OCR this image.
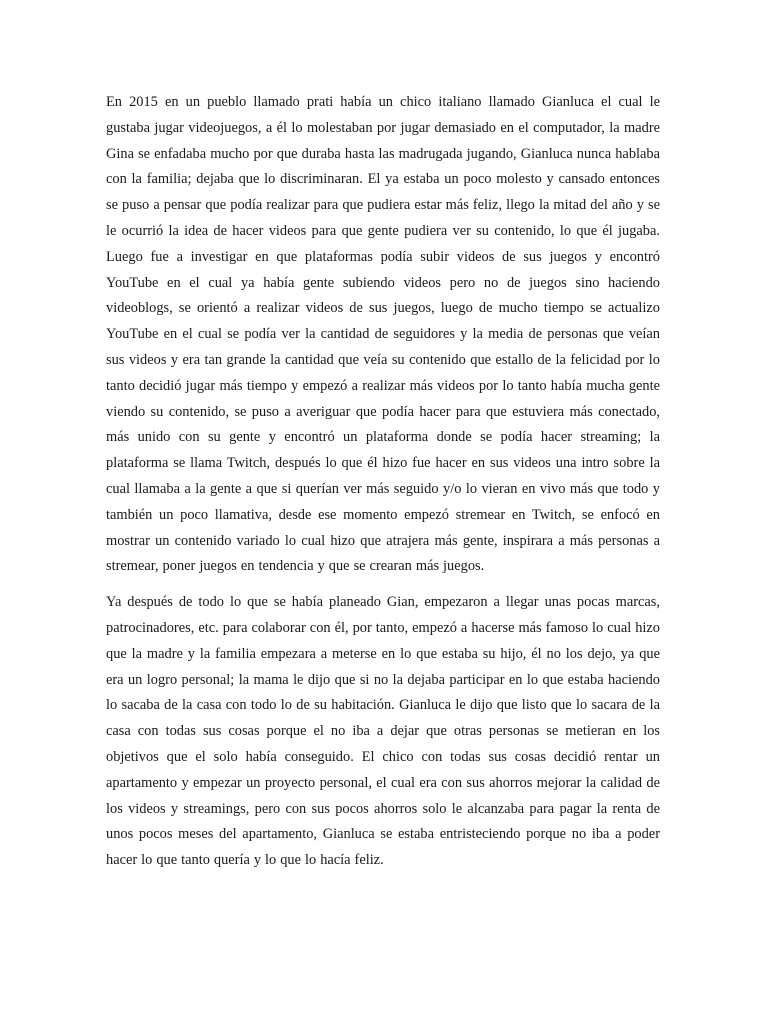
En 2015 en un pueblo llamado prati había un chico italiano llamado Gianluca el cual le gustaba jugar videojuegos, a él lo molestaban por jugar demasiado en el computador, la madre Gina se enfadaba mucho por que duraba hasta las madrugada jugando, Gianluca nunca hablaba con la familia; dejaba que lo discriminaran. El ya estaba un poco molesto y cansado entonces se puso a pensar que podía realizar para que pudiera estar más feliz, llego la mitad del año y se le ocurrió la idea de hacer videos para que gente pudiera ver su contenido, lo que él jugaba. Luego fue a investigar en que plataformas podía subir videos de sus juegos y encontró YouTube en el cual ya había gente subiendo videos pero no de juegos sino haciendo videoblogs, se orientó a realizar videos de sus juegos, luego de mucho tiempo se actualizo YouTube en el cual se podía ver la cantidad de seguidores y la media de personas que veían sus videos y era tan grande la cantidad que veía su contenido que estallo de la felicidad por lo tanto decidió jugar más tiempo y empezó a realizar más videos por lo tanto había mucha gente viendo su contenido, se puso a averiguar que podía hacer para que estuviera más conectado, más unido con su gente y encontró un plataforma donde se podía hacer streaming; la plataforma se llama Twitch, después lo que él hizo fue hacer en sus videos una intro sobre la cual llamaba a la gente a que si querían ver más seguido y/o lo vieran en vivo más que todo y también un poco llamativa, desde ese momento empezó stremear en Twitch, se enfocó en mostrar un contenido variado lo cual hizo que atrajera más gente, inspirara a más personas a stremear, poner juegos en tendencia y que se crearan más juegos.

Ya después de todo lo que se había planeado Gian, empezaron a llegar unas pocas marcas, patrocinadores, etc. para colaborar con él, por tanto, empezó a hacerse más famoso lo cual hizo que la madre y la familia empezara a meterse en lo que estaba su hijo, él no los dejo, ya que era un logro personal; la mama le dijo que si no la dejaba participar en lo que estaba haciendo lo sacaba de la casa con todo lo de su habitación. Gianluca le dijo que listo que lo sacara de la casa con todas sus cosas porque el no iba a dejar que otras personas se metieran en los objetivos que el solo había conseguido. El chico con todas sus cosas decidió rentar un apartamento y empezar un proyecto personal, el cual era con sus ahorros mejorar la calidad de los videos y streamings, pero con sus pocos ahorros solo le alcanzaba para pagar la renta de unos pocos meses del apartamento, Gianluca se estaba entristeciendo porque no iba a poder hacer lo que tanto quería y lo que lo hacía feliz.
